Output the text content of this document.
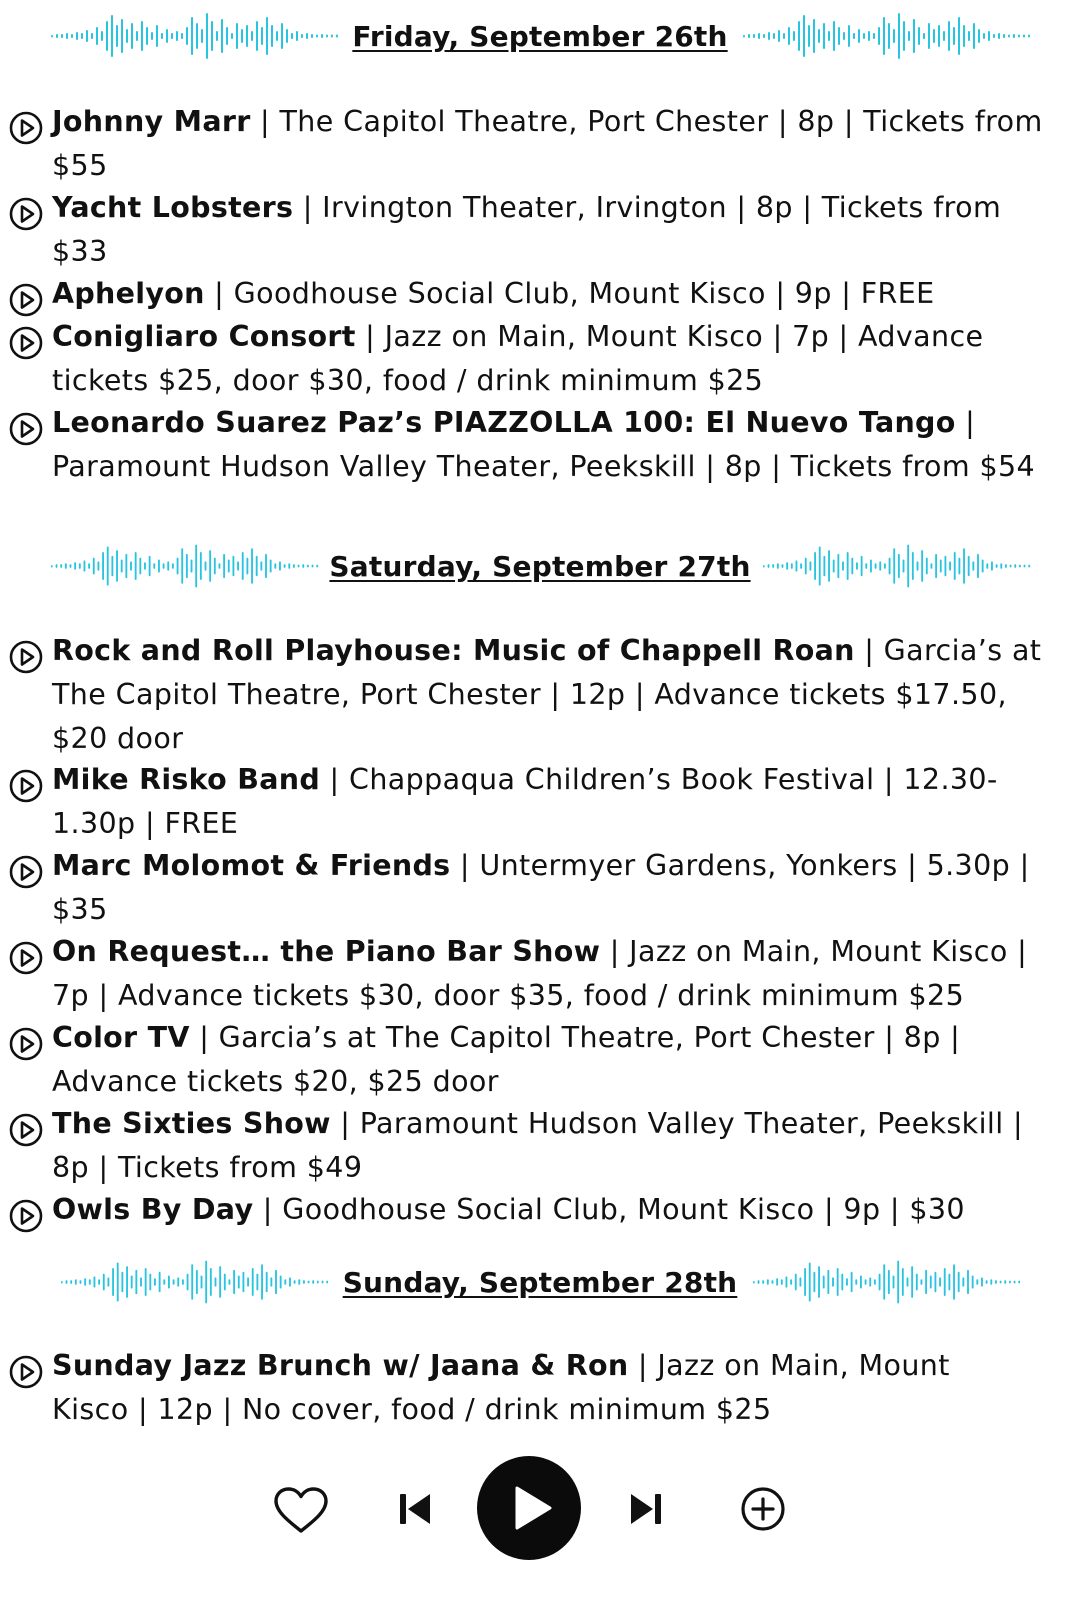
Friday, September 26th
Johnny Marr | The Capitol Theatre, Port Chester | 8p | Tickets from $55
Yacht Lobsters | Irvington Theater, Irvington | 8p | Tickets from $33
Aphelyon | Goodhouse Social Club, Mount Kisco | 9p | FREE
Conigliaro Consort | Jazz on Main, Mount Kisco | 7p | Advance tickets $25, door $30, food / drink minimum $25
Leonardo Suarez Paz’s PIAZZOLLA 100: El Nuevo Tango | Paramount Hudson Valley Theater, Peekskill | 8p | Tickets from $54
Saturday, September 27th
Rock and Roll Playhouse: Music of Chappell Roan | Garcia’s at The Capitol Theatre, Port Chester | 12p | Advance tickets $17.50, $20 door
Mike Risko Band | Chappaqua Children’s Book Festival | 12.30-1.30p | FREE
Marc Molomot & Friends | Untermyer Gardens, Yonkers | 5.30p | $35
On Request… the Piano Bar Show | Jazz on Main, Mount Kisco | 7p | Advance tickets $30, door $35, food / drink minimum $25
Color TV | Garcia’s at The Capitol Theatre, Port Chester | 8p | Advance tickets $20, $25 door
The Sixties Show | Paramount Hudson Valley Theater, Peekskill | 8p | Tickets from $49
Owls By Day | Goodhouse Social Club, Mount Kisco | 9p | $30
Sunday, September 28th
Sunday Jazz Brunch w/ Jaana & Ron | Jazz on Main, Mount Kisco | 12p | No cover, food / drink minimum $25
